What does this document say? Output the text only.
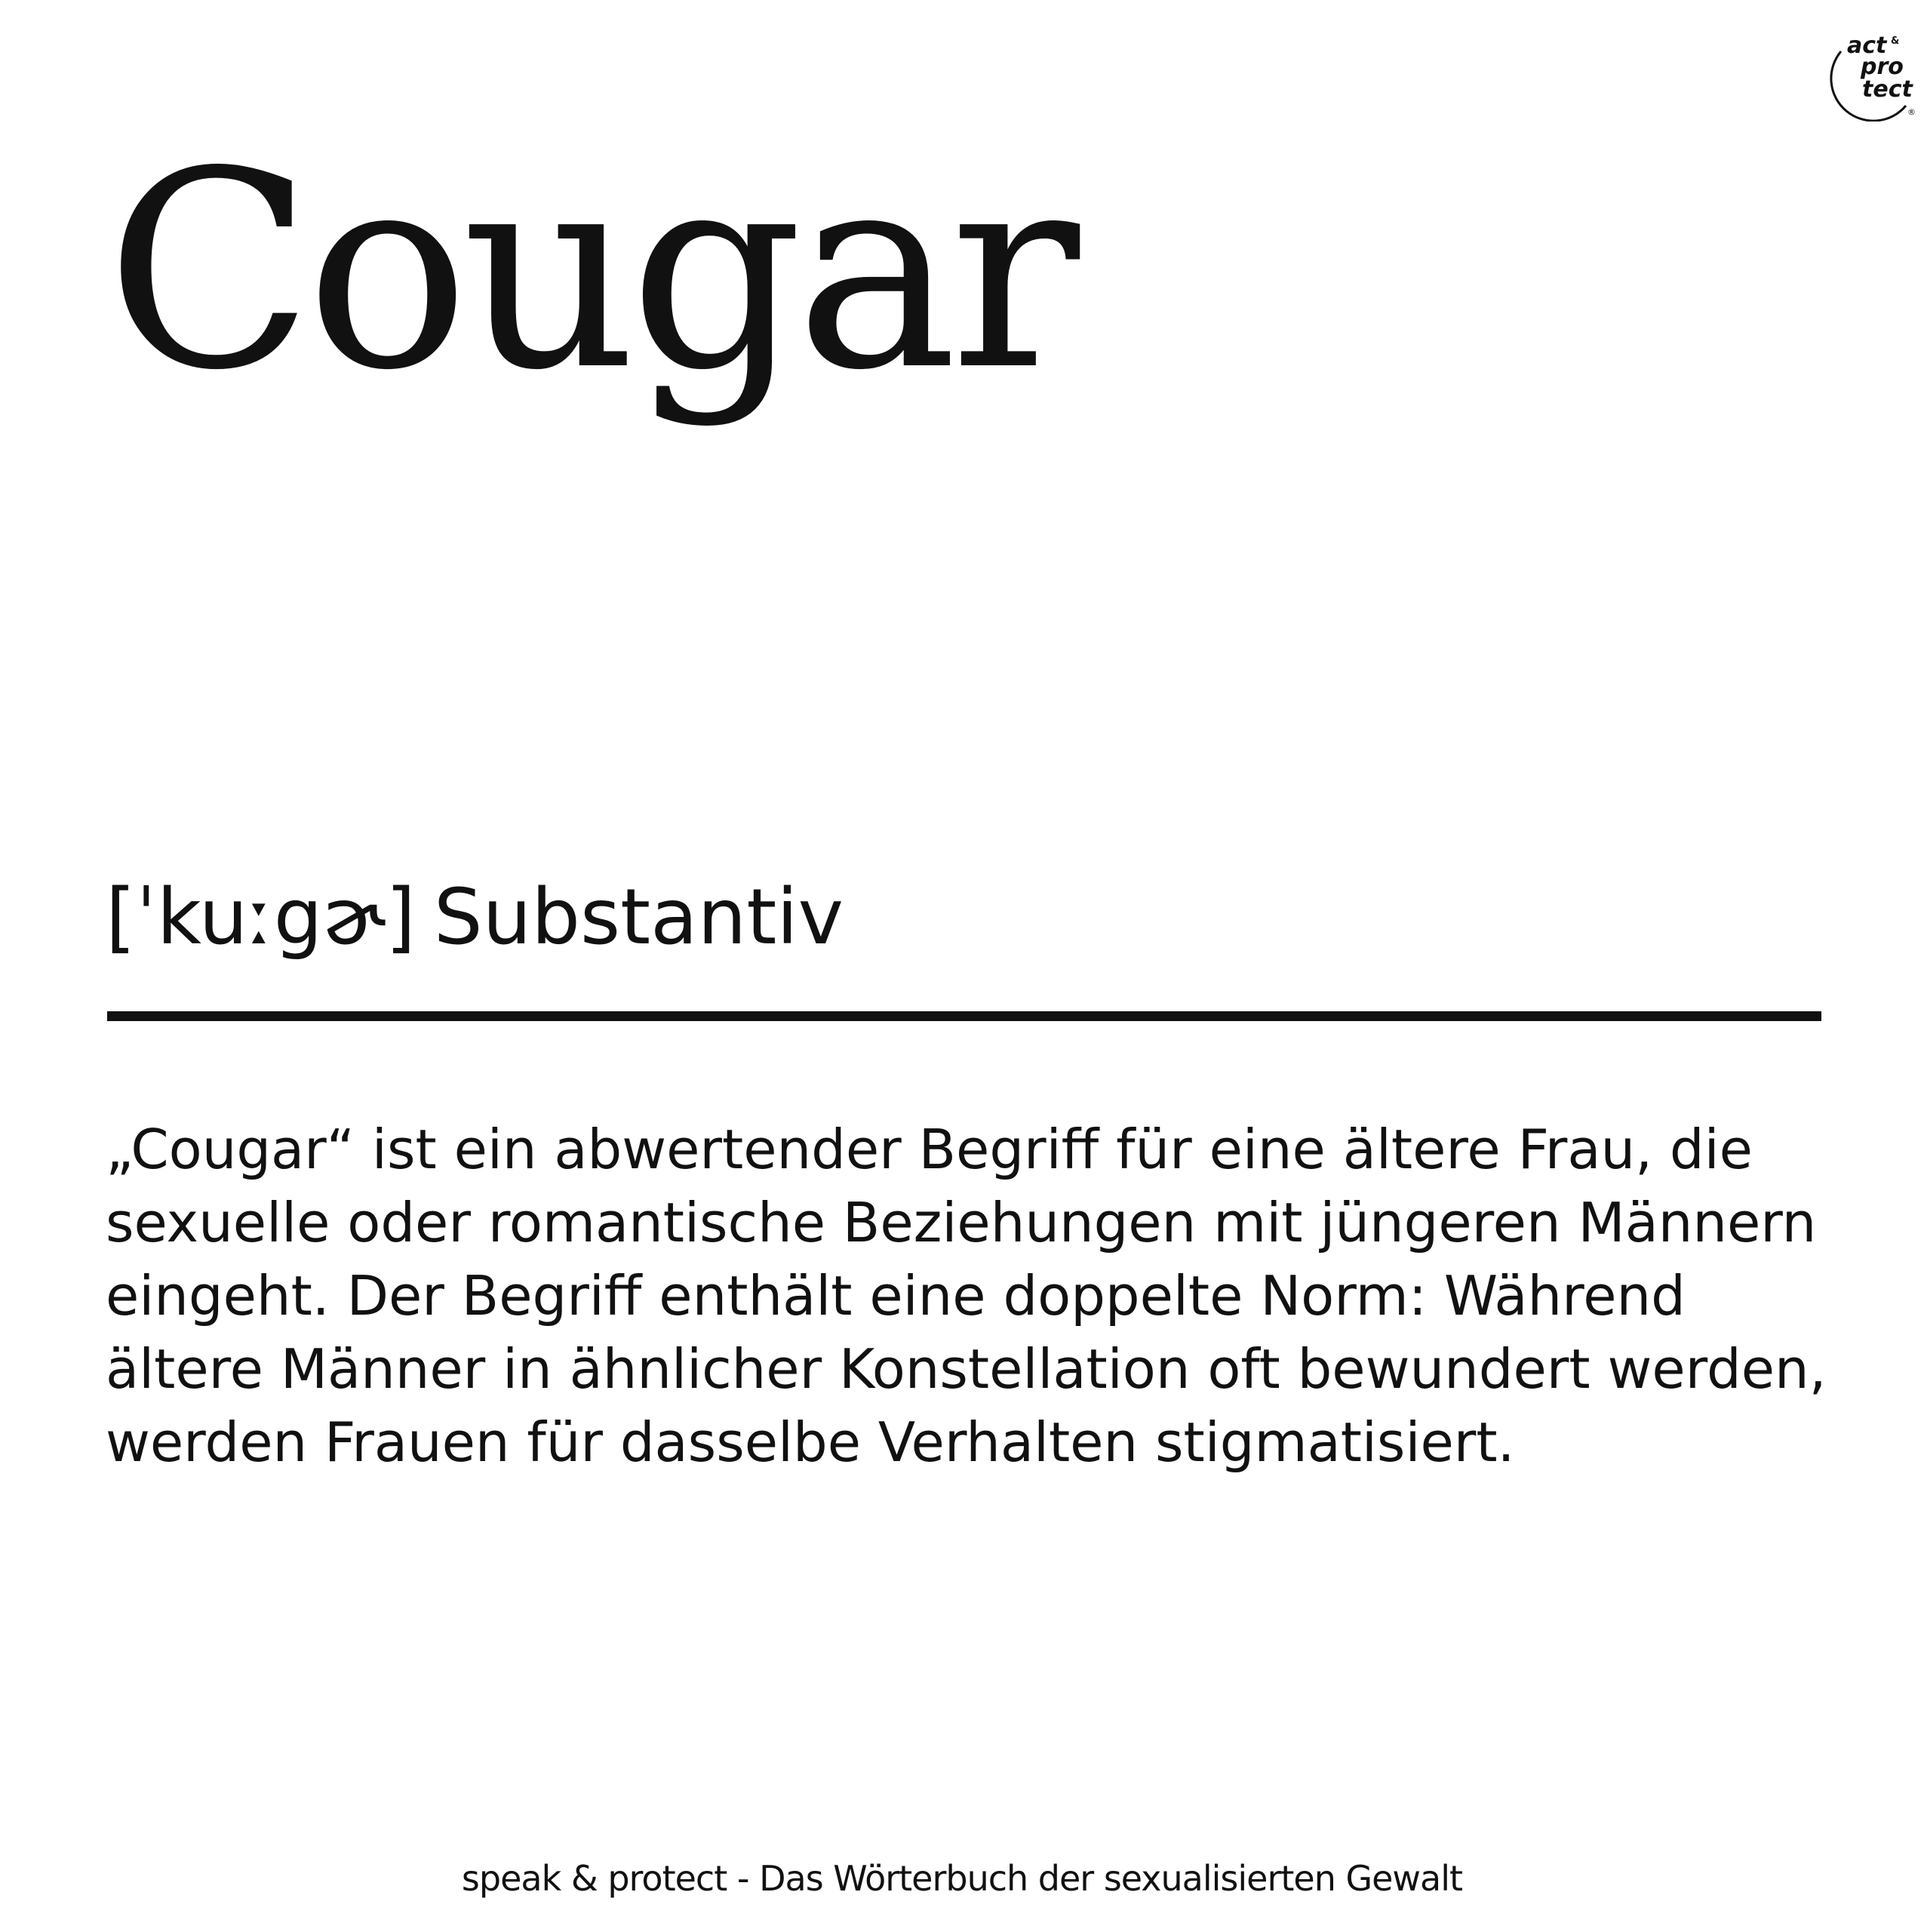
act &
pro
tect
®
Cougar
[ˈkuːgɚ] Substantiv

„Cougar“ ist ein abwertender Begriff für eine ältere Frau, die sexuelle oder romantische Beziehungen mit jüngeren Männern eingeht. Der Begriff enthält eine doppelte Norm: Während ältere Männer in ähnlicher Konstellation oft bewundert werden, werden Frauen für dasselbe Verhalten stigmatisiert.

speak & protect - Das Wörterbuch der sexualisierten Gewalt
